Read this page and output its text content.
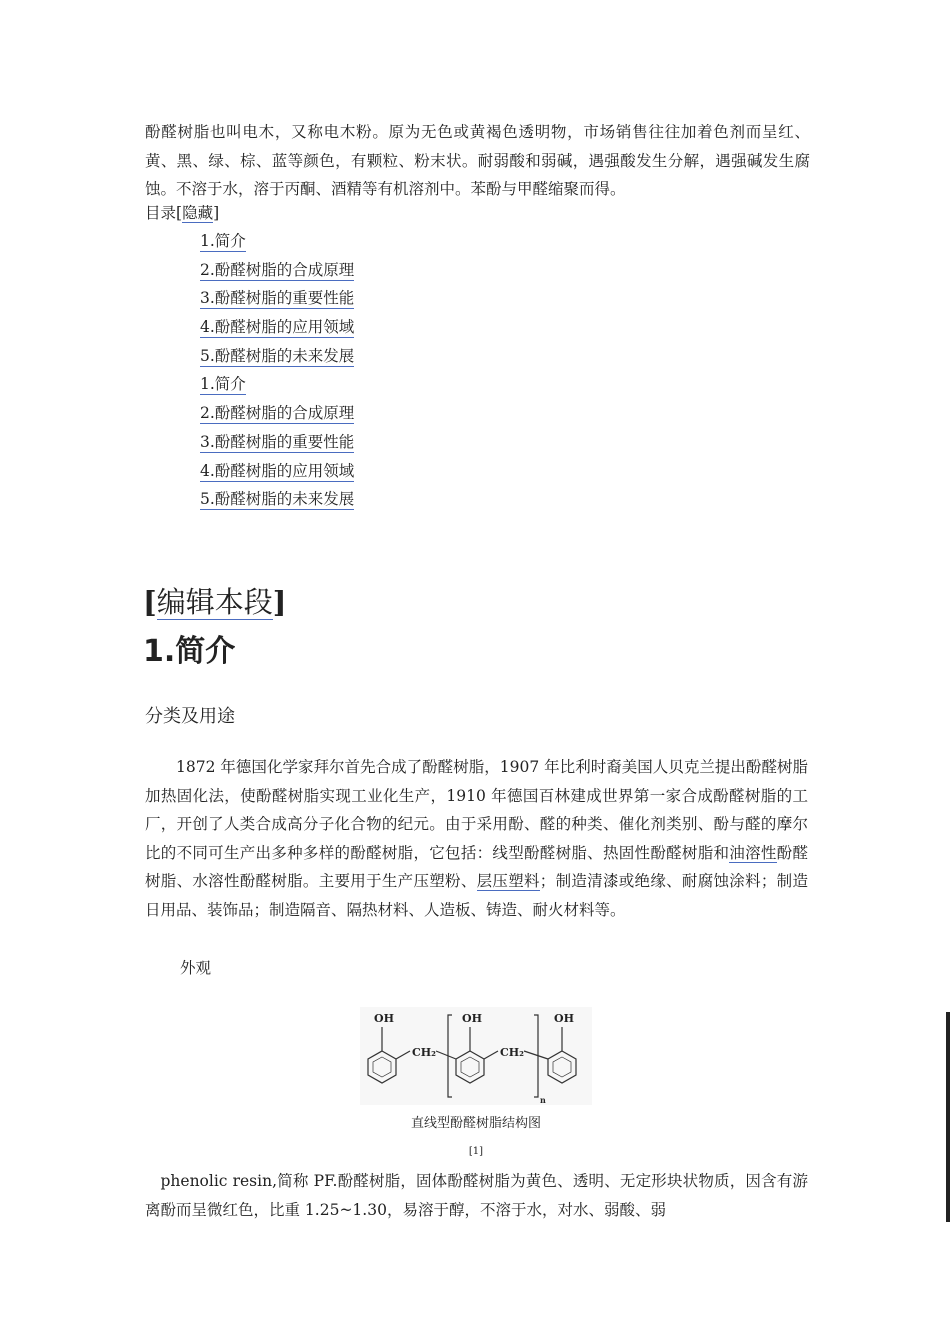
酚醛树脂也叫电木，又称电木粉。原为无色或黄褐色透明物，市场销售往往加着色剂而呈红、黄、黑、绿、棕、蓝等颜色，有颗粒、粉末状。耐弱酸和弱碱，遇强酸发生分解，遇强碱发生腐蚀。不溶于水，溶于丙酮、酒精等有机溶剂中。苯酚与甲醛缩聚而得。

目录[隐藏]
1.简介
2.酚醛树脂的合成原理
3.酚醛树脂的重要性能
4.酚醛树脂的应用领域
5.酚醛树脂的未来发展
1.简介
2.酚醛树脂的合成原理
3.酚醛树脂的重要性能
4.酚醛树脂的应用领域
5.酚醛树脂的未来发展
[编辑本段]
1.简介
分类及用途

1872 年德国化学家拜尔首先合成了酚醛树脂，1907 年比利时裔美国人贝克兰提出酚醛树脂加热固化法，使酚醛树脂实现工业化生产，1910 年德国百林建成世界第一家合成酚醛树脂的工厂，开创了人类合成高分子化合物的纪元。由于采用酚、醛的种类、催化剂类别、酚与醛的摩尔比的不同可生产出多种多样的酚醛树脂，它包括：线型酚醛树脂、热固性酚醛树脂和油溶性酚醛树脂、水溶性酚醛树脂。主要用于生产压塑粉、层压塑料；制造清漆或绝缘、耐腐蚀涂料；制造日用品、装饰品；制造隔音、隔热材料、人造板、铸造、耐火材料等。

外观
OH	OH	OH
CH₂	CH₂
n
直线型酚醛树脂结构图
[1]

phenolic resin,简称 PF.酚醛树脂，固体酚醛树脂为黄色、透明、无定形块状物质，因含有游离酚而呈微红色，比重 1.25~1.30，易溶于醇，不溶于水，对水、弱酸、弱
